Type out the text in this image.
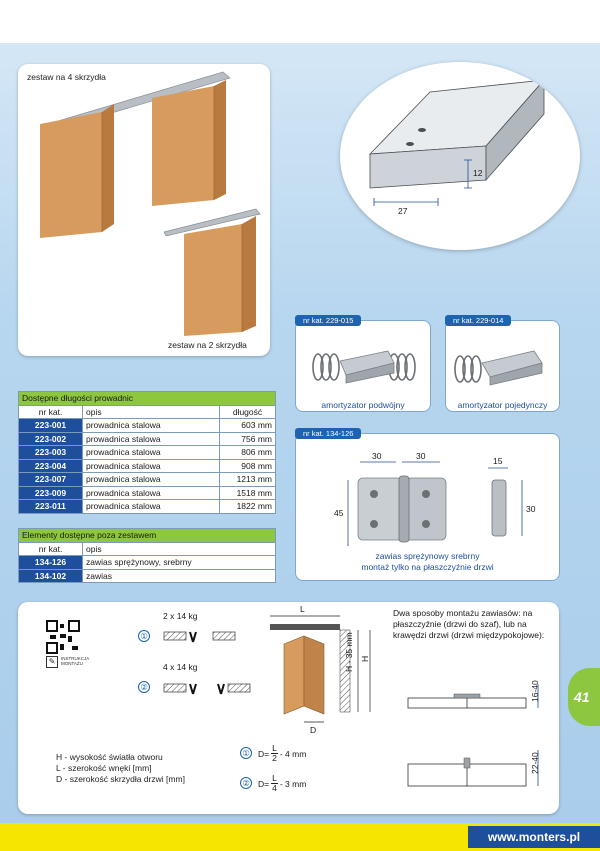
zestaw na 4 skrzydła
zestaw na 2 skrzydła
27
12
Dostępne długości prowadnic		
nr kat.	opis	długość
223-001	prowadnica stalowa	603 mm
223-002	prowadnica stalowa	756 mm
223-003	prowadnica stalowa	806 mm
223-004	prowadnica stalowa	908 mm
223-007	prowadnica stalowa	1213 mm
223-009	prowadnica stalowa	1518 mm
223-011	prowadnica stalowa	1822 mm
Elementy dostępne poza zestawem	
nr kat.	opis
134-126	zawias sprężynowy, srebrny
134-102	zawias
nr kat. 229-015
amortyzator podwójny
nr kat. 229-014
amortyzator pojedynczy
nr kat. 134-126
30	30
45
15
30
zawias sprężynowy srebrny
montaż tylko na płaszczyźnie drzwi
✎	INSTRUKCJA MONTAŻU
2 x 14 kg
4 x 14 kg
①
②
L
H - 35 mm H
D
Dwa sposoby montażu zawiasów: na płaszczyźnie (drzwi do szaf), lub na krawędzi drzwi (drzwi międzypokojowe):
16-40
22-40
H - wysokość światła otworu
L - szerokość wnęki [mm]
D - szerokość skrzydła drzwi [mm]
① $D= \frac{L}{2} - 4$ mm
② $D= \frac{L}{4} - 3$ mm
41
www.monters.pl
